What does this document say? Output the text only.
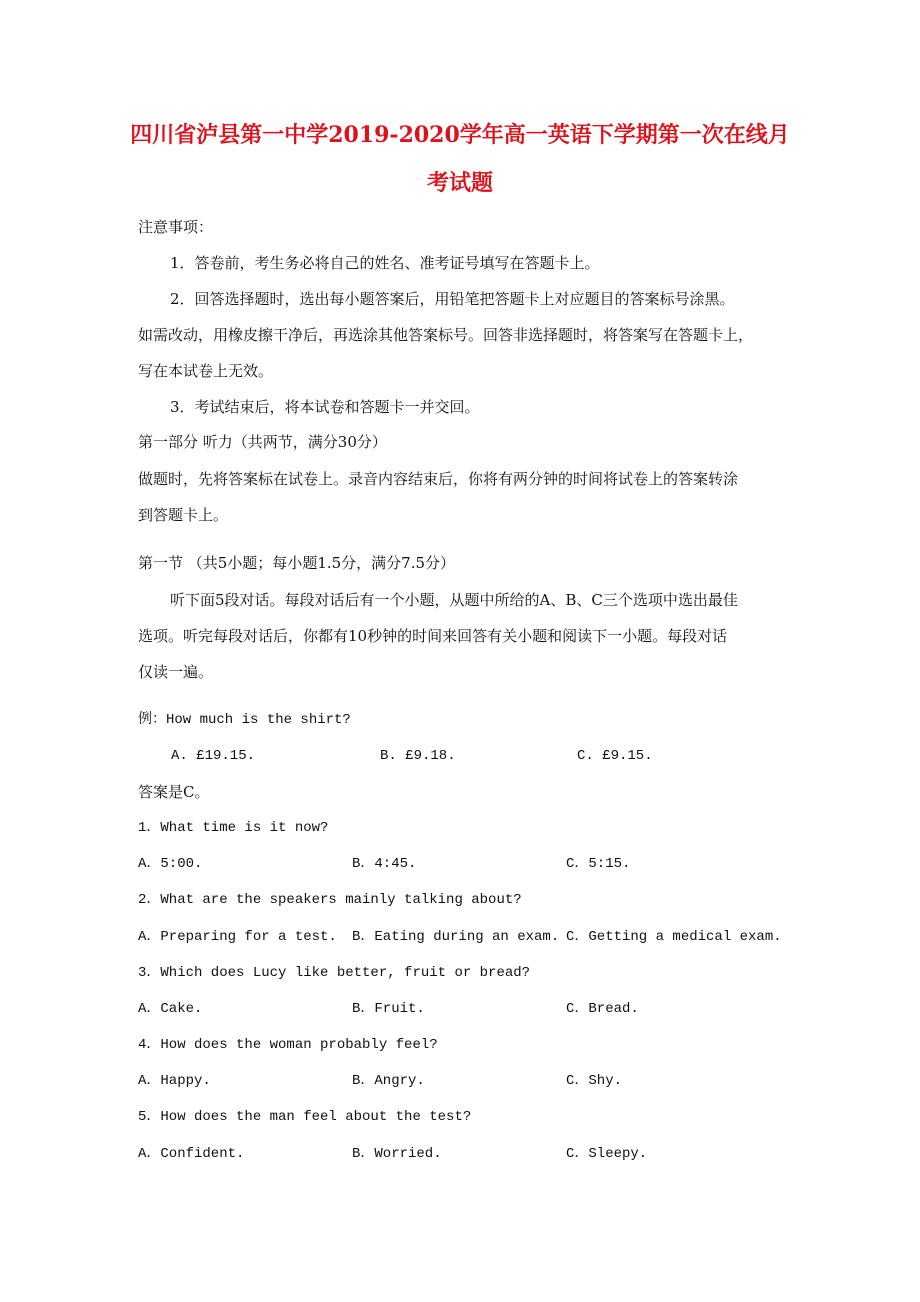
四川省泸县第一中学2019-2020学年高一英语下学期第一次在线月
考试题
注意事项：
1．答卷前，考生务必将自己的姓名、准考证号填写在答题卡上。
2．回答选择题时，选出每小题答案后，用铅笔把答题卡上对应题目的答案标号涂黑。
如需改动，用橡皮擦干净后，再选涂其他答案标号。回答非选择题时，将答案写在答题卡上，
写在本试卷上无效。
3．考试结束后，将本试卷和答题卡一并交回。
第一部分 听力（共两节，满分30分）
做题时，先将答案标在试卷上。录音内容结束后，你将有两分钟的时间将试卷上的答案转涂
到答题卡上。
第一节 （共5小题；每小题1.5分，满分7.5分）
听下面5段对话。每段对话后有一个小题，从题中所给的A、B、C三个选项中选出最佳
选项。听完每段对话后，你都有10秒钟的时间来回答有关小题和阅读下一小题。每段对话
仅读一遍。
例：How much is the shirt?
A. £19.15.	B. £9.18.	C. £9.15.
答案是C。
1．What time is it now?
A．5:00.	B．4:45.	C．5:15.
2．What are the speakers mainly talking about?
A．Preparing for a test. B．Eating during an exam. C．Getting a medical exam.
3．Which does Lucy like better, fruit or bread?
A．Cake.	B．Fruit.	C．Bread.
4．How does the woman probably feel?
A．Happy.	B．Angry.	C．Shy.
5．How does the man feel about the test?
A．Confident.	B．Worried.	C．Sleepy.
